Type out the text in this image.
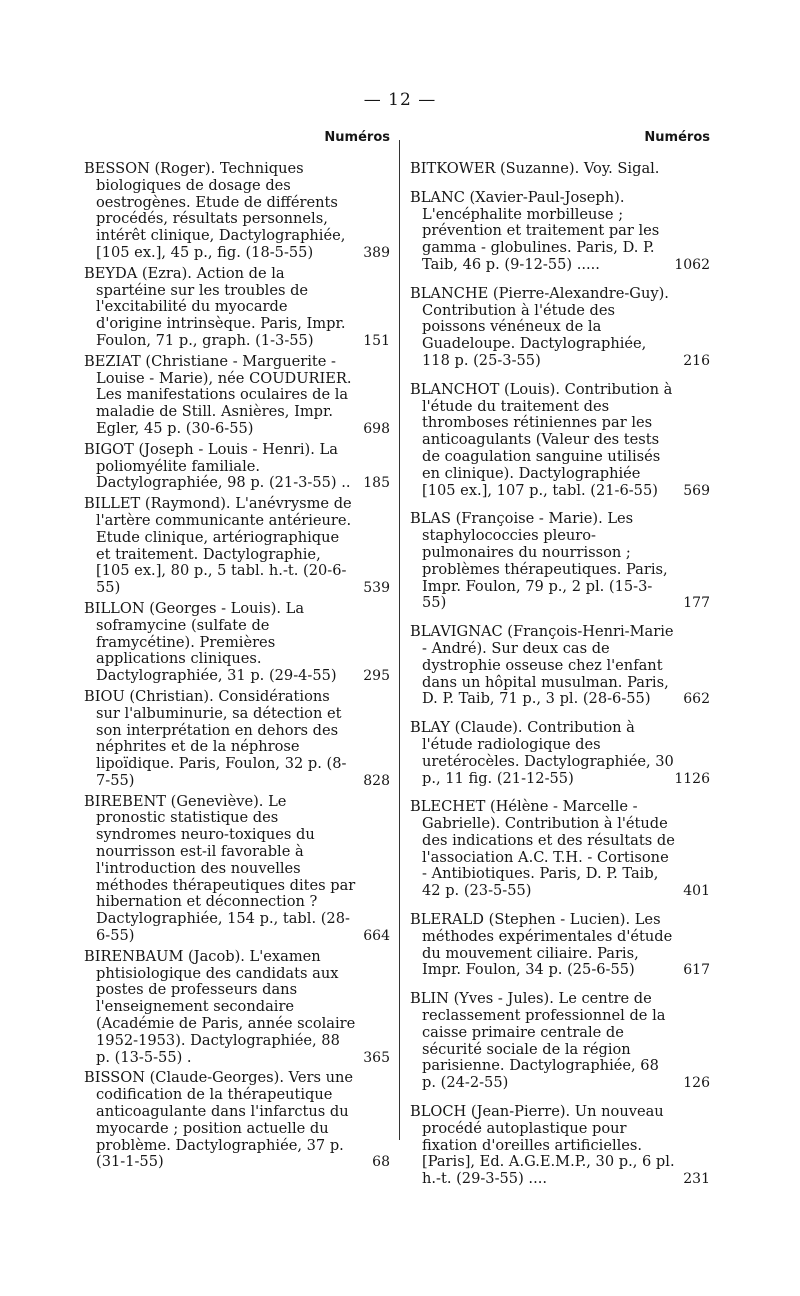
— 12 —
Numéros
BESSON (Roger). Techniques biologiques de dosage des oestrogènes. Etude de différents procédés, résultats personnels, intérêt clinique, Dactylographiée, [105 ex.], 45 p., fig. (18-5-55)	389
BEYDA (Ezra). Action de la spartéine sur les troubles de l'excitabilité du myocarde d'origine intrinsèque. Paris, Impr. Foulon, 71 p., graph. (1-3-55)	151
BEZIAT (Christiane - Marguerite - Louise - Marie), née COUDURIER. Les manifestations oculaires de la maladie de Still. Asnières, Impr. Egler, 45 p. (30-6-55)	698
BIGOT (Joseph - Louis - Henri). La poliomyélite familiale. Dactylographiée, 98 p. (21-3-55) .. 185
BILLET (Raymond). L'anévrysme de l'artère communicante antérieure. Etude clinique, artériographique et traitement. Dactylographie, [105 ex.], 80 p., 5 tabl. h.-t. (20-6-55)	539
BILLON (Georges - Louis). La soframycine (sulfate de framycétine). Premières applications cliniques. Dactylographiée, 31 p. (29-4-55) 295
BIOU (Christian). Considérations sur l'albuminurie, sa détection et son interprétation en dehors des néphrites et de la néphrose lipoïdique. Paris, Foulon, 32 p. (8-7-55)	828
BIREBENT (Geneviève). Le pronostic statistique des syndromes neuro-toxiques du nourrisson est-il favorable à l'introduction des nouvelles méthodes thérapeutiques dites par hibernation et déconnection ? Dactylographiée, 154 p., tabl. (28-6-55)	664
BIRENBAUM (Jacob). L'examen phtisiologique des candidats aux postes de professeurs dans l'enseignement secondaire (Académie de Paris, année scolaire 1952-1953). Dactylographiée, 88 p. (13-5-55) .	365
BISSON (Claude-Georges). Vers une codification de la thérapeutique anticoagulante dans l'infarctus du myocarde ; position actuelle du problème. Dactylographiée, 37 p. (31-1-55)	68
Numéros
BITKOWER (Suzanne). Voy. Sigal.
BLANC (Xavier-Paul-Joseph). L'encéphalite morbilleuse ; prévention et traitement par les gamma - globulines. Paris, D. P. Taib, 46 p. (9-12-55) .....	1062
BLANCHE (Pierre-Alexandre-Guy). Contribution à l'étude des poissons vénéneux de la Guadeloupe. Dactylographiée, 118 p. (25-3-55)	216
BLANCHOT (Louis). Contribution à l'étude du traitement des thromboses rétiniennes par les anticoagulants (Valeur des tests de coagulation sanguine utilisés en clinique). Dactylographiée [105 ex.], 107 p., tabl. (21-6-55) 569
BLAS (Françoise - Marie). Les staphylococcies pleuro-pulmonaires du nourrisson ; problèmes thérapeutiques. Paris, Impr. Foulon, 79 p., 2 pl. (15-3-55)	177
BLAVIGNAC (François-Henri-Marie - André). Sur deux cas de dystrophie osseuse chez l'enfant dans un hôpital musulman. Paris, D. P. Taib, 71 p., 3 pl. (28-6-55) 662
BLAY (Claude). Contribution à l'étude radiologique des uretérocèles. Dactylographiée, 30 p., 11 fig. (21-12-55)	1126
BLECHET (Hélène - Marcelle - Gabrielle). Contribution à l'étude des indications et des résultats de l'association A.C. T.H. - Cortisone - Antibiotiques. Paris, D. P. Taib, 42 p. (23-5-55)	401
BLERALD (Stephen - Lucien). Les méthodes expérimentales d'étude du mouvement ciliaire. Paris, Impr. Foulon, 34 p. (25-6-55)	617
BLIN (Yves - Jules). Le centre de reclassement professionnel de la caisse primaire centrale de sécurité sociale de la région parisienne. Dactylographiée, 68 p. (24-2-55)	126
BLOCH (Jean-Pierre). Un nouveau procédé autoplastique pour fixation d'oreilles artificielles. [Paris], Ed. A.G.E.M.P., 30 p., 6 pl. h.-t. (29-3-55) ....	231
